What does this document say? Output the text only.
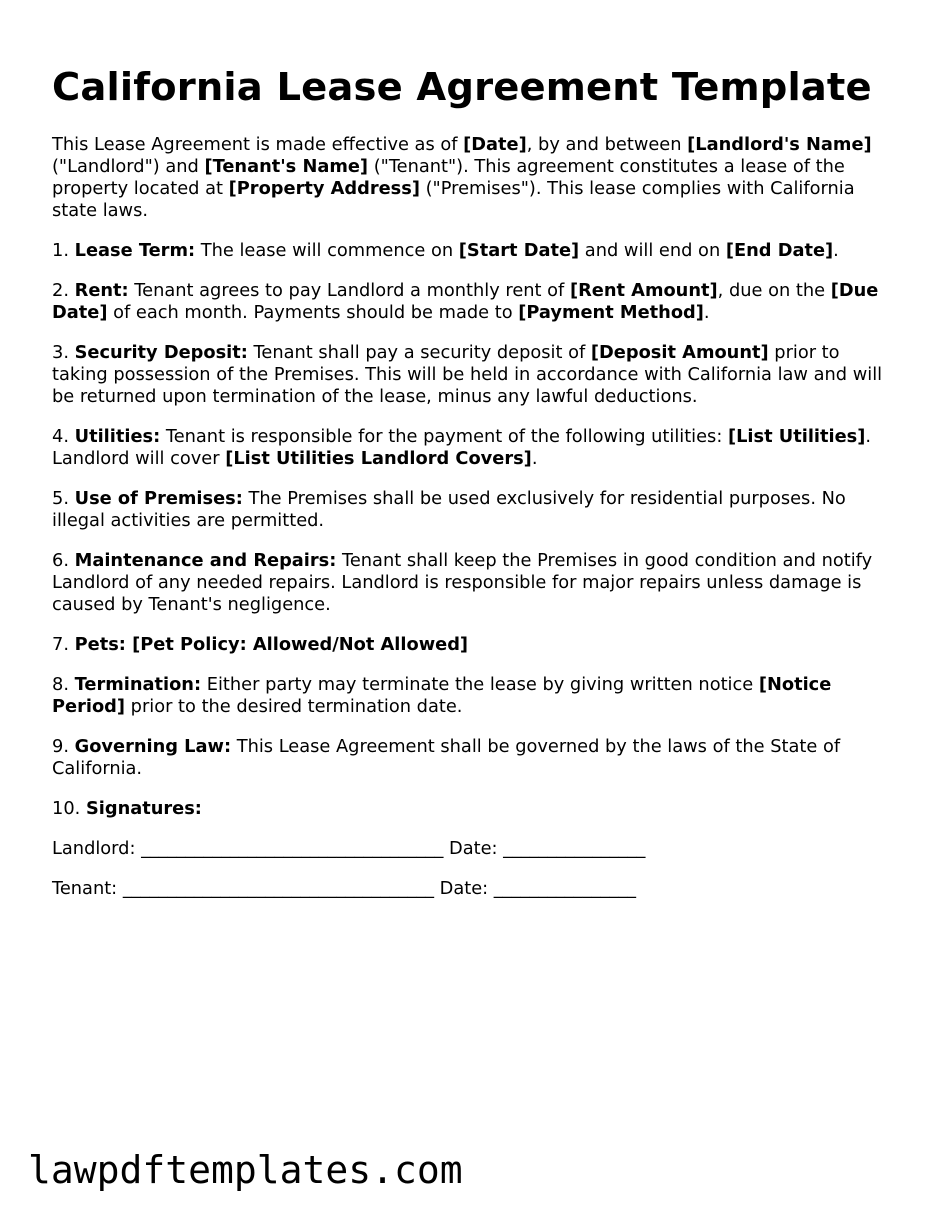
California Lease Agreement Template

This Lease Agreement is made effective as of [Date], by and between [Landlord's Name] ("Landlord") and [Tenant's Name] ("Tenant"). This agreement constitutes a lease of the property located at [Property Address] ("Premises"). This lease complies with California state laws.

1. Lease Term: The lease will commence on [Start Date] and will end on [End Date].

2. Rent: Tenant agrees to pay Landlord a monthly rent of [Rent Amount], due on the [Due Date] of each month. Payments should be made to [Payment Method].

3. Security Deposit: Tenant shall pay a security deposit of [Deposit Amount] prior to taking possession of the Premises. This will be held in accordance with California law and will be returned upon termination of the lease, minus any lawful deductions.

4. Utilities: Tenant is responsible for the payment of the following utilities: [List Utilities]. Landlord will cover [List Utilities Landlord Covers].

5. Use of Premises: The Premises shall be used exclusively for residential purposes. No illegal activities are permitted.

6. Maintenance and Repairs: Tenant shall keep the Premises in good condition and notify Landlord of any needed repairs. Landlord is responsible for major repairs unless damage is caused by Tenant's negligence.

7. Pets: [Pet Policy: Allowed/Not Allowed]

8. Termination: Either party may terminate the lease by giving written notice [Notice Period] prior to the desired termination date.

9. Governing Law: This Lease Agreement shall be governed by the laws of the State of California.

10. Signatures:

Landlord: __________________________________ Date: ________________
Tenant: ___________________________________ Date: ________________
lawpdftemplates.com
